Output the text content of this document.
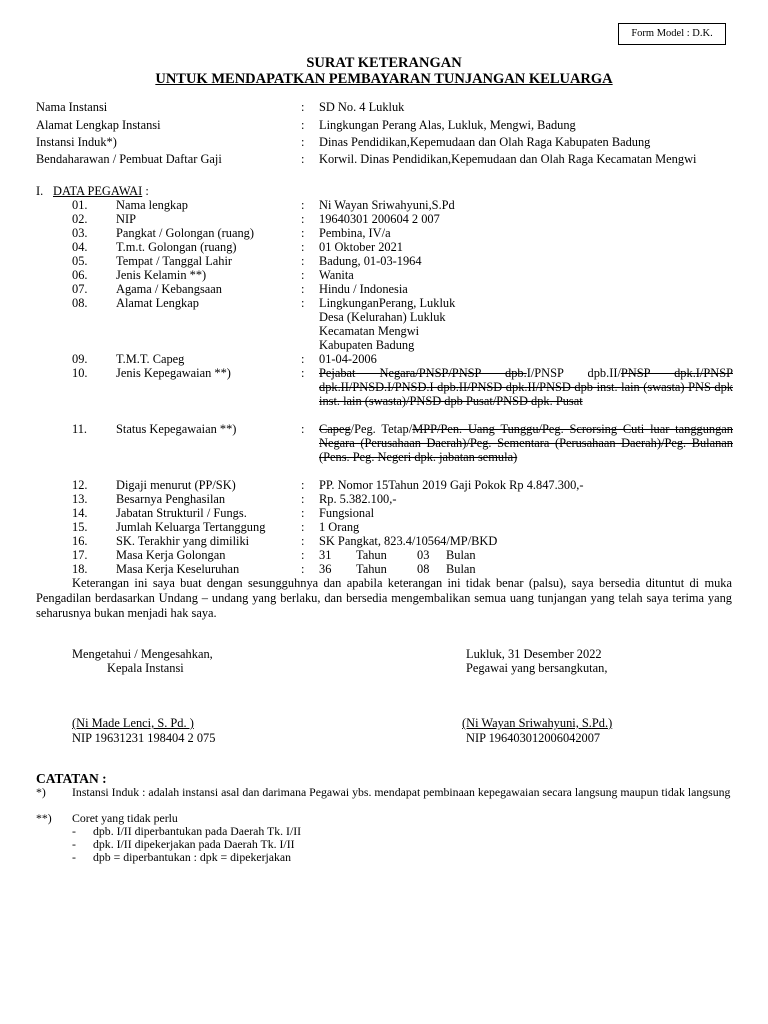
Form Model : D.K.
SURAT KETERANGAN
UNTUK MENDAPATKAN PEMBAYARAN TUNJANGAN KELUARGA
Nama Instansi	: SD No. 4 Lukluk
Alamat Lengkap Instansi	: Lingkungan Perang Alas, Lukluk, Mengwi, Badung
Instansi Induk*)	: Dinas Pendidikan,Kepemudaan dan Olah Raga Kabupaten Badung
Bendaharawan / Pembuat Daftar Gaji	: Korwil. Dinas Pendidikan,Kepemudaan dan Olah Raga Kecamatan Mengwi
I. DATA PEGAWAI :
01. Nama lengkap	: Ni Wayan Sriwahyuni,S.Pd
02. NIP	: 19640301 200604 2 007
03. Pangkat / Golongan (ruang)	: Pembina, IV/a
04. T.m.t. Golongan (ruang)	: 01 Oktober 2021
05. Tempat / Tanggal Lahir	: Badung, 01-03-1964
06. Jenis Kelamin **)	: Wanita
07. Agama / Kebangsaan	: Hindu / Indonesia
08. Alamat Lengkap	: LingkunganPerang, Lukluk
Desa (Kelurahan) Lukluk
Kecamatan Mengwi
Kabupaten Badung
09. T.M.T. Capeg	: 01-04-2006
10. Jenis Kepegawaian **)	: Pejabat Negara/PNSP/PNSP dpb.I/PNSP dpb.II/PNSP dpk.I/PNSP dpk.II/PNSD.I/PNSD.I dpb.II/PNSD dpk.II/PNSD dpb inst. lain (swasta) PNS dpk inst. lain (swasta)/PNSD dpb Pusat/PNSD dpk. Pusat
11. Status Kepegawaian **)	: Capeg/Peg. Tetap/MPP/Pen. Uang Tunggu/Peg. Scrorsing Cuti luar tanggungan Negara (Perusahaan Daerah)/Peg. Sementara (Perusahaan Daerah)/Peg. Bulanan (Pens. Peg. Negeri dpk. jabatan semula)
12. Digaji menurut (PP/SK)	: PP. Nomor 15Tahun 2019 Gaji Pokok Rp 4.847.300,-
13. Besarnya Penghasilan	: Rp. 5.382.100,-
14. Jabatan Strukturil / Fungs.	: Fungsional
15. Jumlah Keluarga Tertanggung	: 1 Orang
16. SK. Terakhir yang dimiliki	: SK Pangkat, 823.4/10564/MP/BKD
17. Masa Kerja Golongan	: 31 Tahun 03 Bulan
18. Masa Kerja Keseluruhan	: 36 Tahun 08 Bulan
Keterangan ini saya buat dengan sesungguhnya dan apabila keterangan ini tidak benar (palsu), saya bersedia dituntut di muka Pengadilan berdasarkan Undang – undang yang berlaku, dan bersedia mengembalikan semua uang tunjangan yang telah saya terima yang seharusnya bukan menjadi hak saya.
Mengetahui / Mengesahkan,
Kepala Instansi
Lukluk, 31 Desember 2022
Pegawai yang bersangkutan,
(Ni Made Lenci, S. Pd. )
NIP 19631231 198404 2 075
(Ni Wayan Sriwahyuni, S.Pd.)
NIP 196403012006042007
CATATAN :
*) Instansi Induk : adalah instansi asal dan darimana Pegawai ybs. mendapat pembinaan kepegawaian secara langsung maupun tidak langsung
**) Coret yang tidak perlu
- dpb. I/II diperbantukan pada Daerah Tk. I/II
- dpk. I/II dipekerjakan pada Daerah Tk. I/II
- dpb = diperbantukan : dpk = dipekerjakan
